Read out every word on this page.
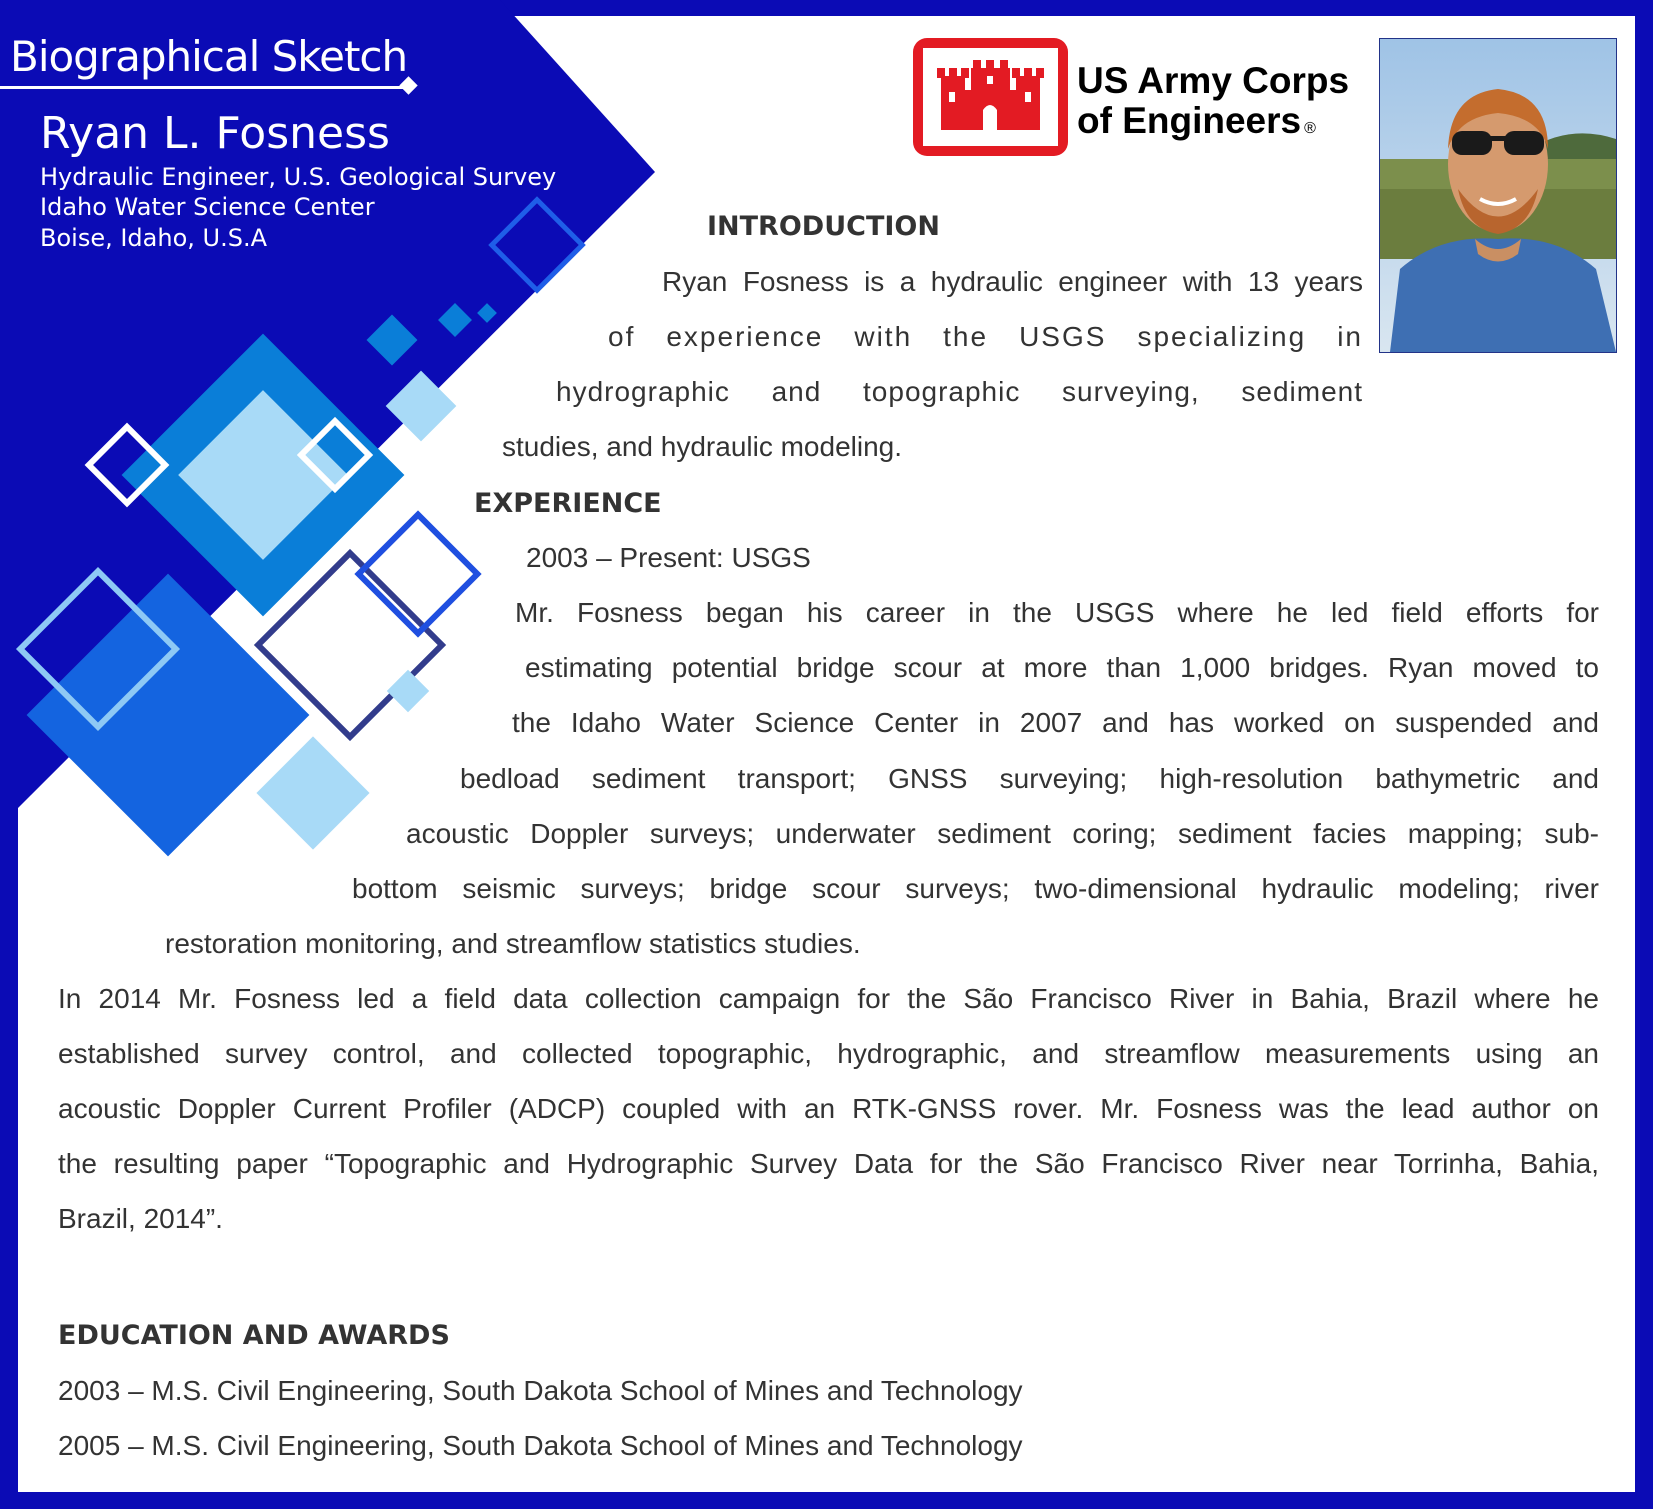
Biographical Sketch
Ryan L. Fosness
Hydraulic Engineer, U.S. Geological Survey
Idaho Water Science Center
Boise, Idaho, U.S.A
US Army Corps
of Engineers ®
INTRODUCTION
Ryan Fosness is a hydraulic engineer with 13 years
of experience with the USGS specializing in
hydrographic and topographic surveying, sediment
studies, and hydraulic modeling.
EXPERIENCE
2003 – Present: USGS
Mr. Fosness began his career in the USGS where he led field efforts for
estimating potential bridge scour at more than 1,000 bridges. Ryan moved to
the Idaho Water Science Center in 2007 and has worked on suspended and
bedload sediment transport; GNSS surveying; high-resolution bathymetric and
acoustic Doppler surveys; underwater sediment coring; sediment facies mapping; sub-
bottom seismic surveys; bridge scour surveys; two-dimensional hydraulic modeling; river
restoration monitoring, and streamflow statistics studies.
In 2014 Mr. Fosness led a field data collection campaign for the São Francisco River in Bahia, Brazil where he
established survey control, and collected topographic, hydrographic, and streamflow measurements using an
acoustic Doppler Current Profiler (ADCP) coupled with an RTK-GNSS rover. Mr. Fosness was the lead author on
the resulting paper “Topographic and Hydrographic Survey Data for the São Francisco River near Torrinha, Bahia,
Brazil, 2014”.
EDUCATION AND AWARDS
2003 – M.S. Civil Engineering, South Dakota School of Mines and Technology
2005 – M.S. Civil Engineering, South Dakota School of Mines and Technology
